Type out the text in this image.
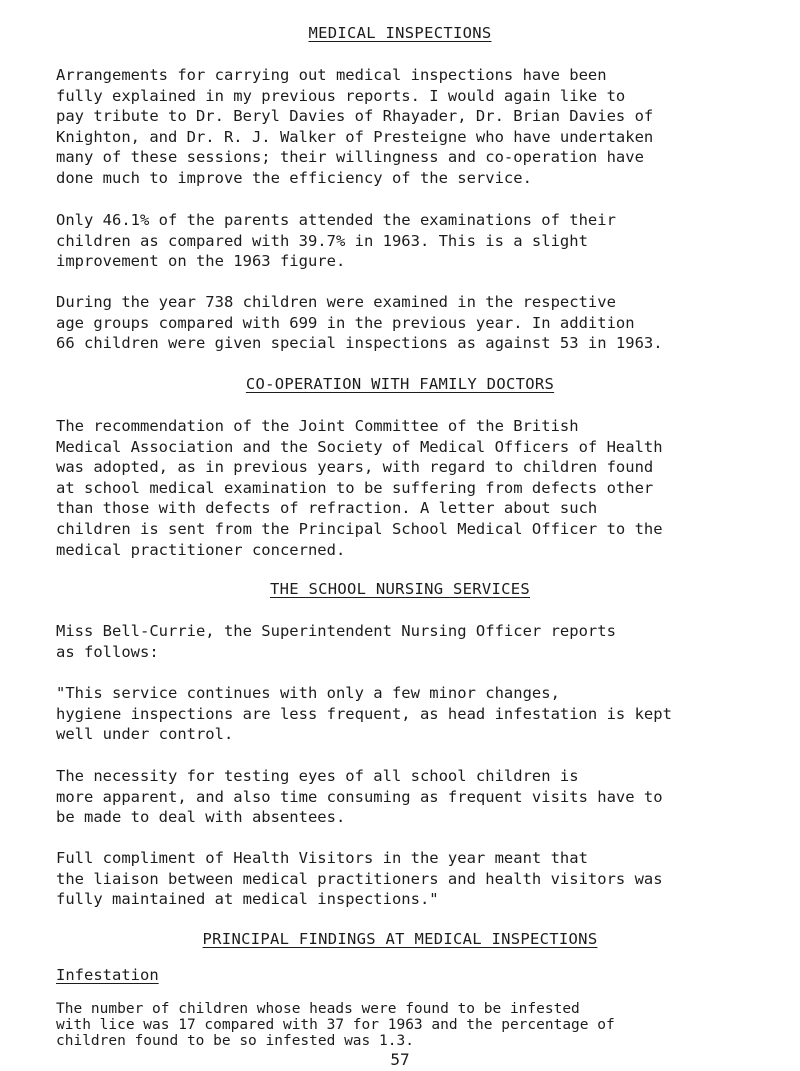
MEDICAL INSPECTIONS

Arrangements for carrying out medical inspections have been
fully explained in my previous reports. I would again like to
pay tribute to Dr. Beryl Davies of Rhayader, Dr. Brian Davies of
Knighton, and Dr. R. J. Walker of Presteigne who have undertaken
many of these sessions; their willingness and co-operation have
done much to improve the efficiency of the service.

Only 46.1% of the parents attended the examinations of their
children as compared with 39.7% in 1963. This is a slight
improvement on the 1963 figure.

During the year 738 children were examined in the respective
age groups compared with 699 in the previous year. In addition
66 children were given special inspections as against 53 in 1963.

CO-OPERATION WITH FAMILY DOCTORS

The recommendation of the Joint Committee of the British
Medical Association and the Society of Medical Officers of Health
was adopted, as in previous years, with regard to children found
at school medical examination to be suffering from defects other
than those with defects of refraction. A letter about such
children is sent from the Principal School Medical Officer to the
medical practitioner concerned.

THE SCHOOL NURSING SERVICES

Miss Bell-Currie, the Superintendent Nursing Officer reports
as follows:

"This service continues with only a few minor changes,
hygiene inspections are less frequent, as head infestation is kept
well under control.

The necessity for testing eyes of all school children is
more apparent, and also time consuming as frequent visits have to
be made to deal with absentees.

Full compliment of Health Visitors in the year meant that
the liaison between medical practitioners and health visitors was
fully maintained at medical inspections."

PRINCIPAL FINDINGS AT MEDICAL INSPECTIONS
Infestation

The number of children whose heads were found to be infested
with lice was 17 compared with 37 for 1963 and the percentage of
children found to be so infested was 1.3.

57
